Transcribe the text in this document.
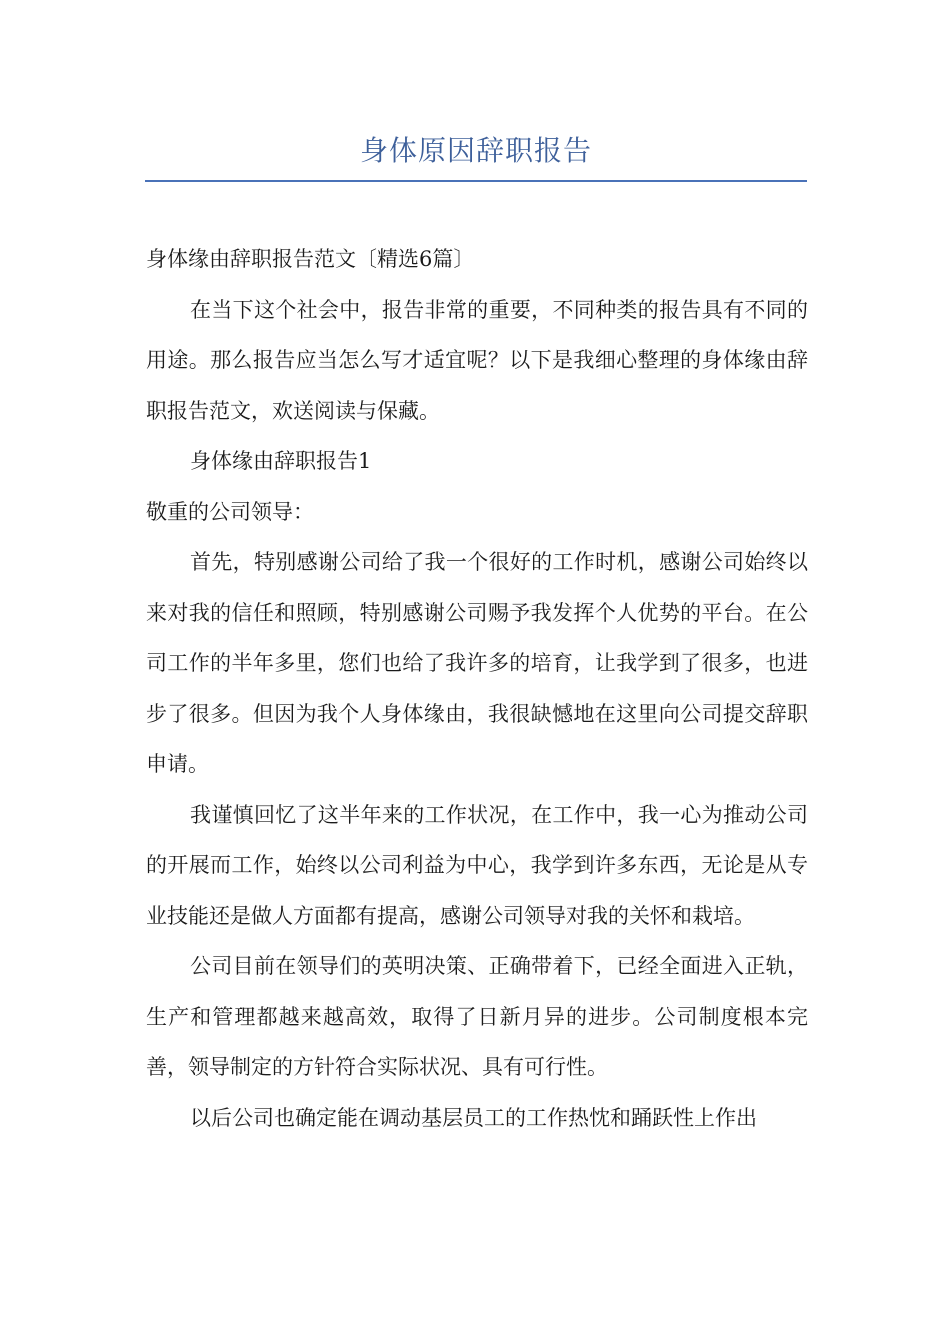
身体原因辞职报告

身体缘由辞职报告范文〔精选6篇〕

在当下这个社会中，报告非常的重要，不同种类的报告具有不同的用途。那么报告应当怎么写才适宜呢？以下是我细心整理的身体缘由辞职报告范文，欢送阅读与保藏。

身体缘由辞职报告1

敬重的公司领导：

首先，特别感谢公司给了我一个很好的工作时机，感谢公司始终以来对我的信任和照顾，特别感谢公司赐予我发挥个人优势的平台。在公司工作的半年多里，您们也给了我许多的培育，让我学到了很多，也进步了很多。但因为我个人身体缘由，我很缺憾地在这里向公司提交辞职申请。

我谨慎回忆了这半年来的工作状况，在工作中，我一心为推动公司的开展而工作，始终以公司利益为中心，我学到许多东西，无论是从专业技能还是做人方面都有提高，感谢公司领导对我的关怀和栽培。

公司目前在领导们的英明决策、正确带着下，已经全面进入正轨，生产和管理都越来越高效，取得了日新月异的进步。公司制度根本完善，领导制定的方针符合实际状况、具有可行性。

以后公司也确定能在调动基层员工的工作热忱和踊跃性上作出
